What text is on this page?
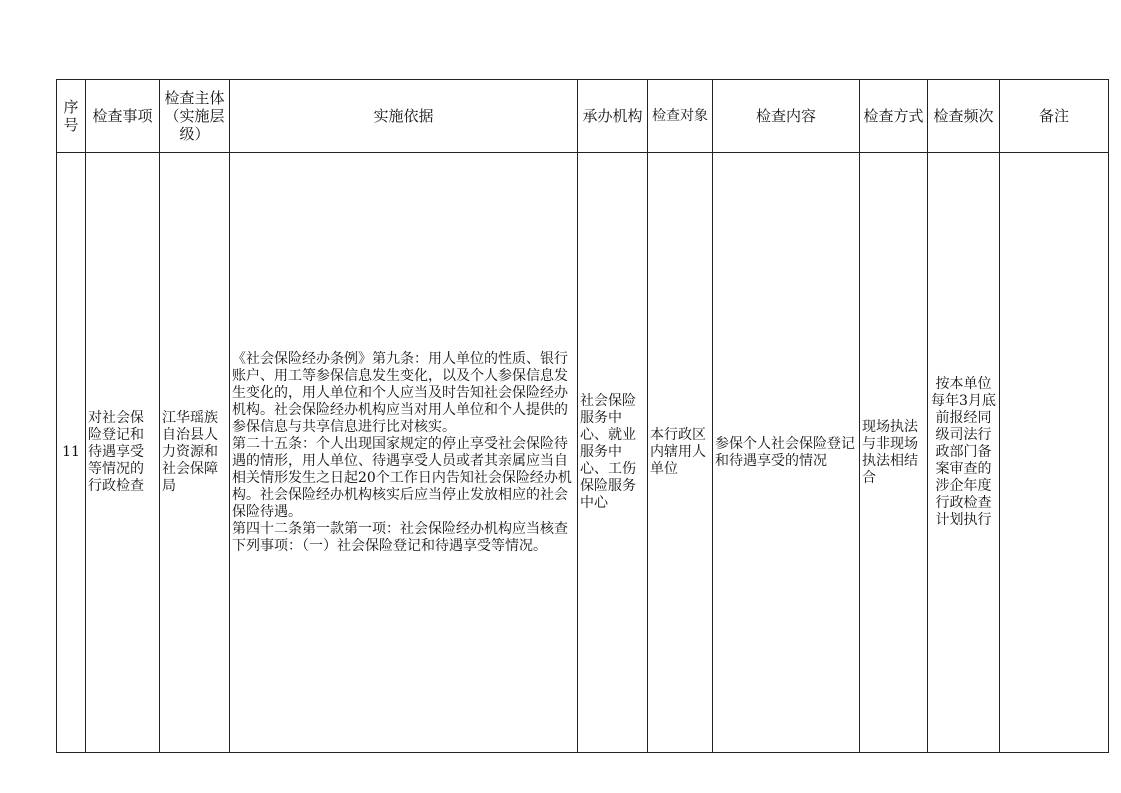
序号	检查事项	检查主体（实施层级）	实施依据	承办机构	检查对象	检查内容	检查方式	检查频次	备注
11	对社会保险登记和待遇享受等情况的行政检查	江华瑶族自治县人力资源和社会保障局	《社会保险经办条例》第九条：用人单位的性质、银行账户、用工等参保信息发生变化，以及个人参保信息发生变化的，用人单位和个人应当及时告知社会保险经办机构。社会保险经办机构应当对用人单位和个人提供的参保信息与共享信息进行比对核实。
第二十五条：个人出现国家规定的停止享受社会保险待遇的情形，用人单位、待遇享受人员或者其亲属应当自相关情形发生之日起20个工作日内告知社会保险经办机构。社会保险经办机构核实后应当停止发放相应的社会保险待遇。
第四十二条第一款第一项：社会保险经办机构应当核查下列事项：（一）社会保险登记和待遇享受等情况。	社会保险服务中心、就业服务中心、工伤保险服务中心	本行政区内辖用人单位	参保个人社会保险登记和待遇享受的情况	现场执法与非现场执法相结合	按本单位每年3月底前报经同级司法行政部门备案审查的涉企年度行政检查计划执行	
